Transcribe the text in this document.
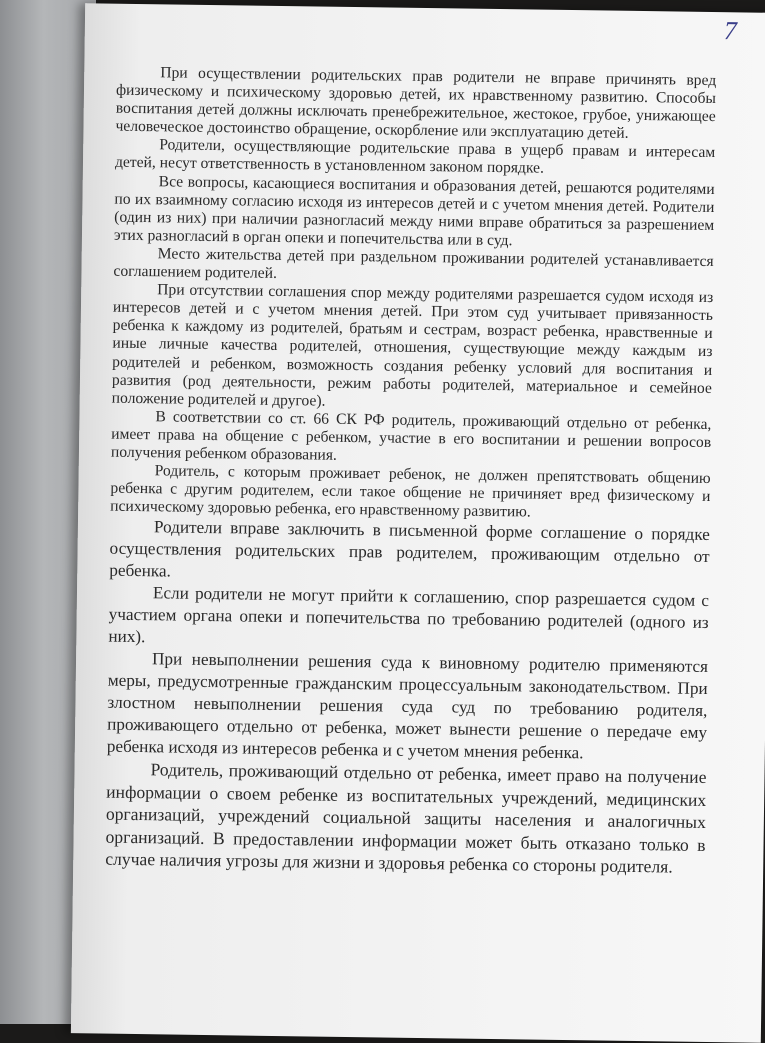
7

При осуществлении родительских прав родители не вправе причинять вред физическому и психическому здоровью детей, их нравственному развитию. Способы воспитания детей должны исключать пренебрежительное, жестокое, грубое, унижающее человеческое достоинство обращение, оскорбление или эксплуатацию детей.

Родители, осуществляющие родительские права в ущерб правам и интересам детей, несут ответственность в установленном законом порядке.

Все вопросы, касающиеся воспитания и образования детей, решаются родителями по их взаимному согласию исходя из интересов детей и с учетом мнения детей. Родители (один из них) при наличии разногласий между ними вправе обратиться за разрешением этих разногласий в орган опеки и попечительства или в суд.

Место жительства детей при раздельном проживании родителей устанавливается соглашением родителей.

При отсутствии соглашения спор между родителями разрешается судом исходя из интересов детей и с учетом мнения детей. При этом суд учитывает привязанность ребенка к каждому из родителей, братьям и сестрам, возраст ребенка, нравственные и иные личные качества родителей, отношения, существующие между каждым из родителей и ребенком, возможность создания ребенку условий для воспитания и развития (род деятельности, режим работы родителей, материальное и семейное положение родителей и другое).

В соответствии со ст. 66 СК РФ родитель, проживающий отдельно от ребенка, имеет права на общение с ребенком, участие в его воспитании и решении вопросов получения ребенком образования.

Родитель, с которым проживает ребенок, не должен препятствовать общению ребенка с другим родителем, если такое общение не причиняет вред физическому и психическому здоровью ребенка, его нравственному развитию.

Родители вправе заключить в письменной форме соглашение о порядке осуществления родительских прав родителем, проживающим отдельно от ребенка.

Если родители не могут прийти к соглашению, спор разрешается судом с участием органа опеки и попечительства по требованию родителей (одного из них).

При невыполнении решения суда к виновному родителю применяются меры, предусмотренные гражданским процессуальным законодательством. При злостном невыполнении решения суда суд по требованию родителя, проживающего отдельно от ребенка, может вынести решение о передаче ему ребенка исходя из интересов ребенка и с учетом мнения ребенка.

Родитель, проживающий отдельно от ребенка, имеет право на получение информации о своем ребенке из воспитательных учреждений, медицинских организаций, учреждений социальной защиты населения и аналогичных организаций. В предоставлении информации может быть отказано только в случае наличия угрозы для жизни и здоровья ребенка со стороны родителя.
